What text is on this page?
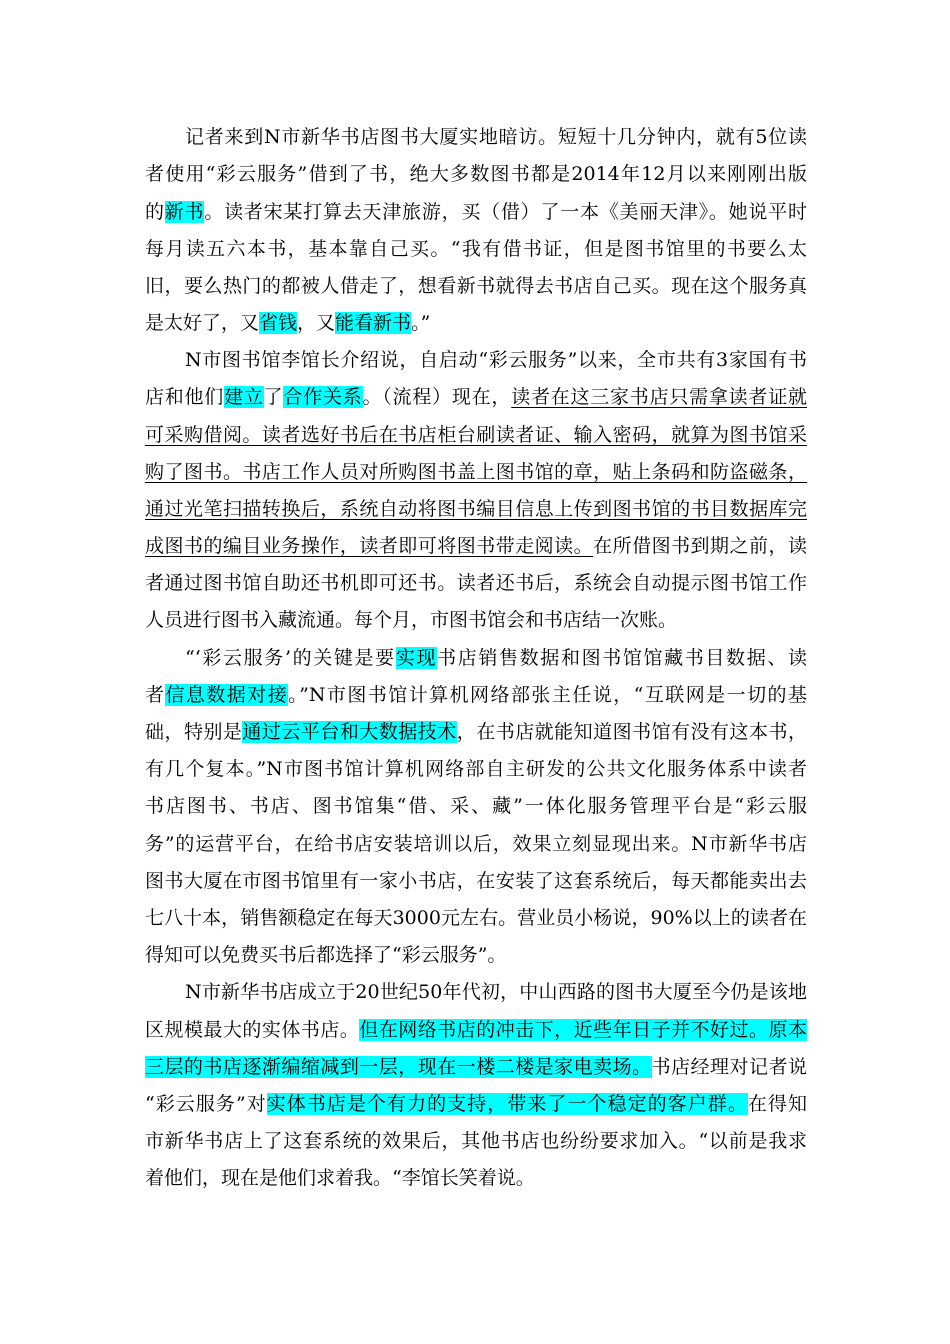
记者来到N市新华书店图书大厦实地暗访。短短十几分钟内，就有5位读
者使用“彩云服务”借到了书，绝大多数图书都是2014年12月以来刚刚出版
的新书。读者宋某打算去天津旅游，买（借）了一本《美丽天津》。她说平时
每月读五六本书，基本靠自己买。“我有借书证，但是图书馆里的书要么太
旧，要么热门的都被人借走了，想看新书就得去书店自己买。现在这个服务真
是太好了，又省钱，又能看新书。”
N市图书馆李馆长介绍说，自启动“彩云服务”以来，全市共有3家国有书
店和他们建立了合作关系。（流程）现在，读者在这三家书店只需拿读者证就
可采购借阅。读者选好书后在书店柜台刷读者证、输入密码，就算为图书馆采
购了图书。书店工作人员对所购图书盖上图书馆的章，贴上条码和防盗磁条，
通过光笔扫描转换后，系统自动将图书编目信息上传到图书馆的书目数据库完
成图书的编目业务操作，读者即可将图书带走阅读。在所借图书到期之前，读
者通过图书馆自助还书机即可还书。读者还书后，系统会自动提示图书馆工作
人员进行图书入藏流通。每个月，市图书馆会和书店结一次账。
“‘彩云服务’的关键是要实现书店销售数据和图书馆馆藏书目数据、读
者信息数据对接。”N市图书馆计算机网络部张主任说，“互联网是一切的基
础，特别是通过云平台和大数据技术，在书店就能知道图书馆有没有这本书，
有几个复本。”N市图书馆计算机网络部自主研发的公共文化服务体系中读者
书店图书、书店、图书馆集“借、采、藏”一体化服务管理平台是“彩云服
务”的运营平台，在给书店安装培训以后，效果立刻显现出来。N市新华书店
图书大厦在市图书馆里有一家小书店，在安装了这套系统后，每天都能卖出去
七八十本，销售额稳定在每天3000元左右。营业员小杨说，90%以上的读者在
得知可以免费买书后都选择了“彩云服务”。
N市新华书店成立于20世纪50年代初，中山西路的图书大厦至今仍是该地
区规模最大的实体书店。但在网络书店的冲击下，近些年日子并不好过。原本
三层的书店逐渐编缩减到一层，现在一楼二楼是家电卖场。书店经理对记者说
“彩云服务”对实体书店是个有力的支持，带来了一个稳定的客户群。在得知
市新华书店上了这套系统的效果后，其他书店也纷纷要求加入。“以前是我求
着他们，现在是他们求着我。“李馆长笑着说。
